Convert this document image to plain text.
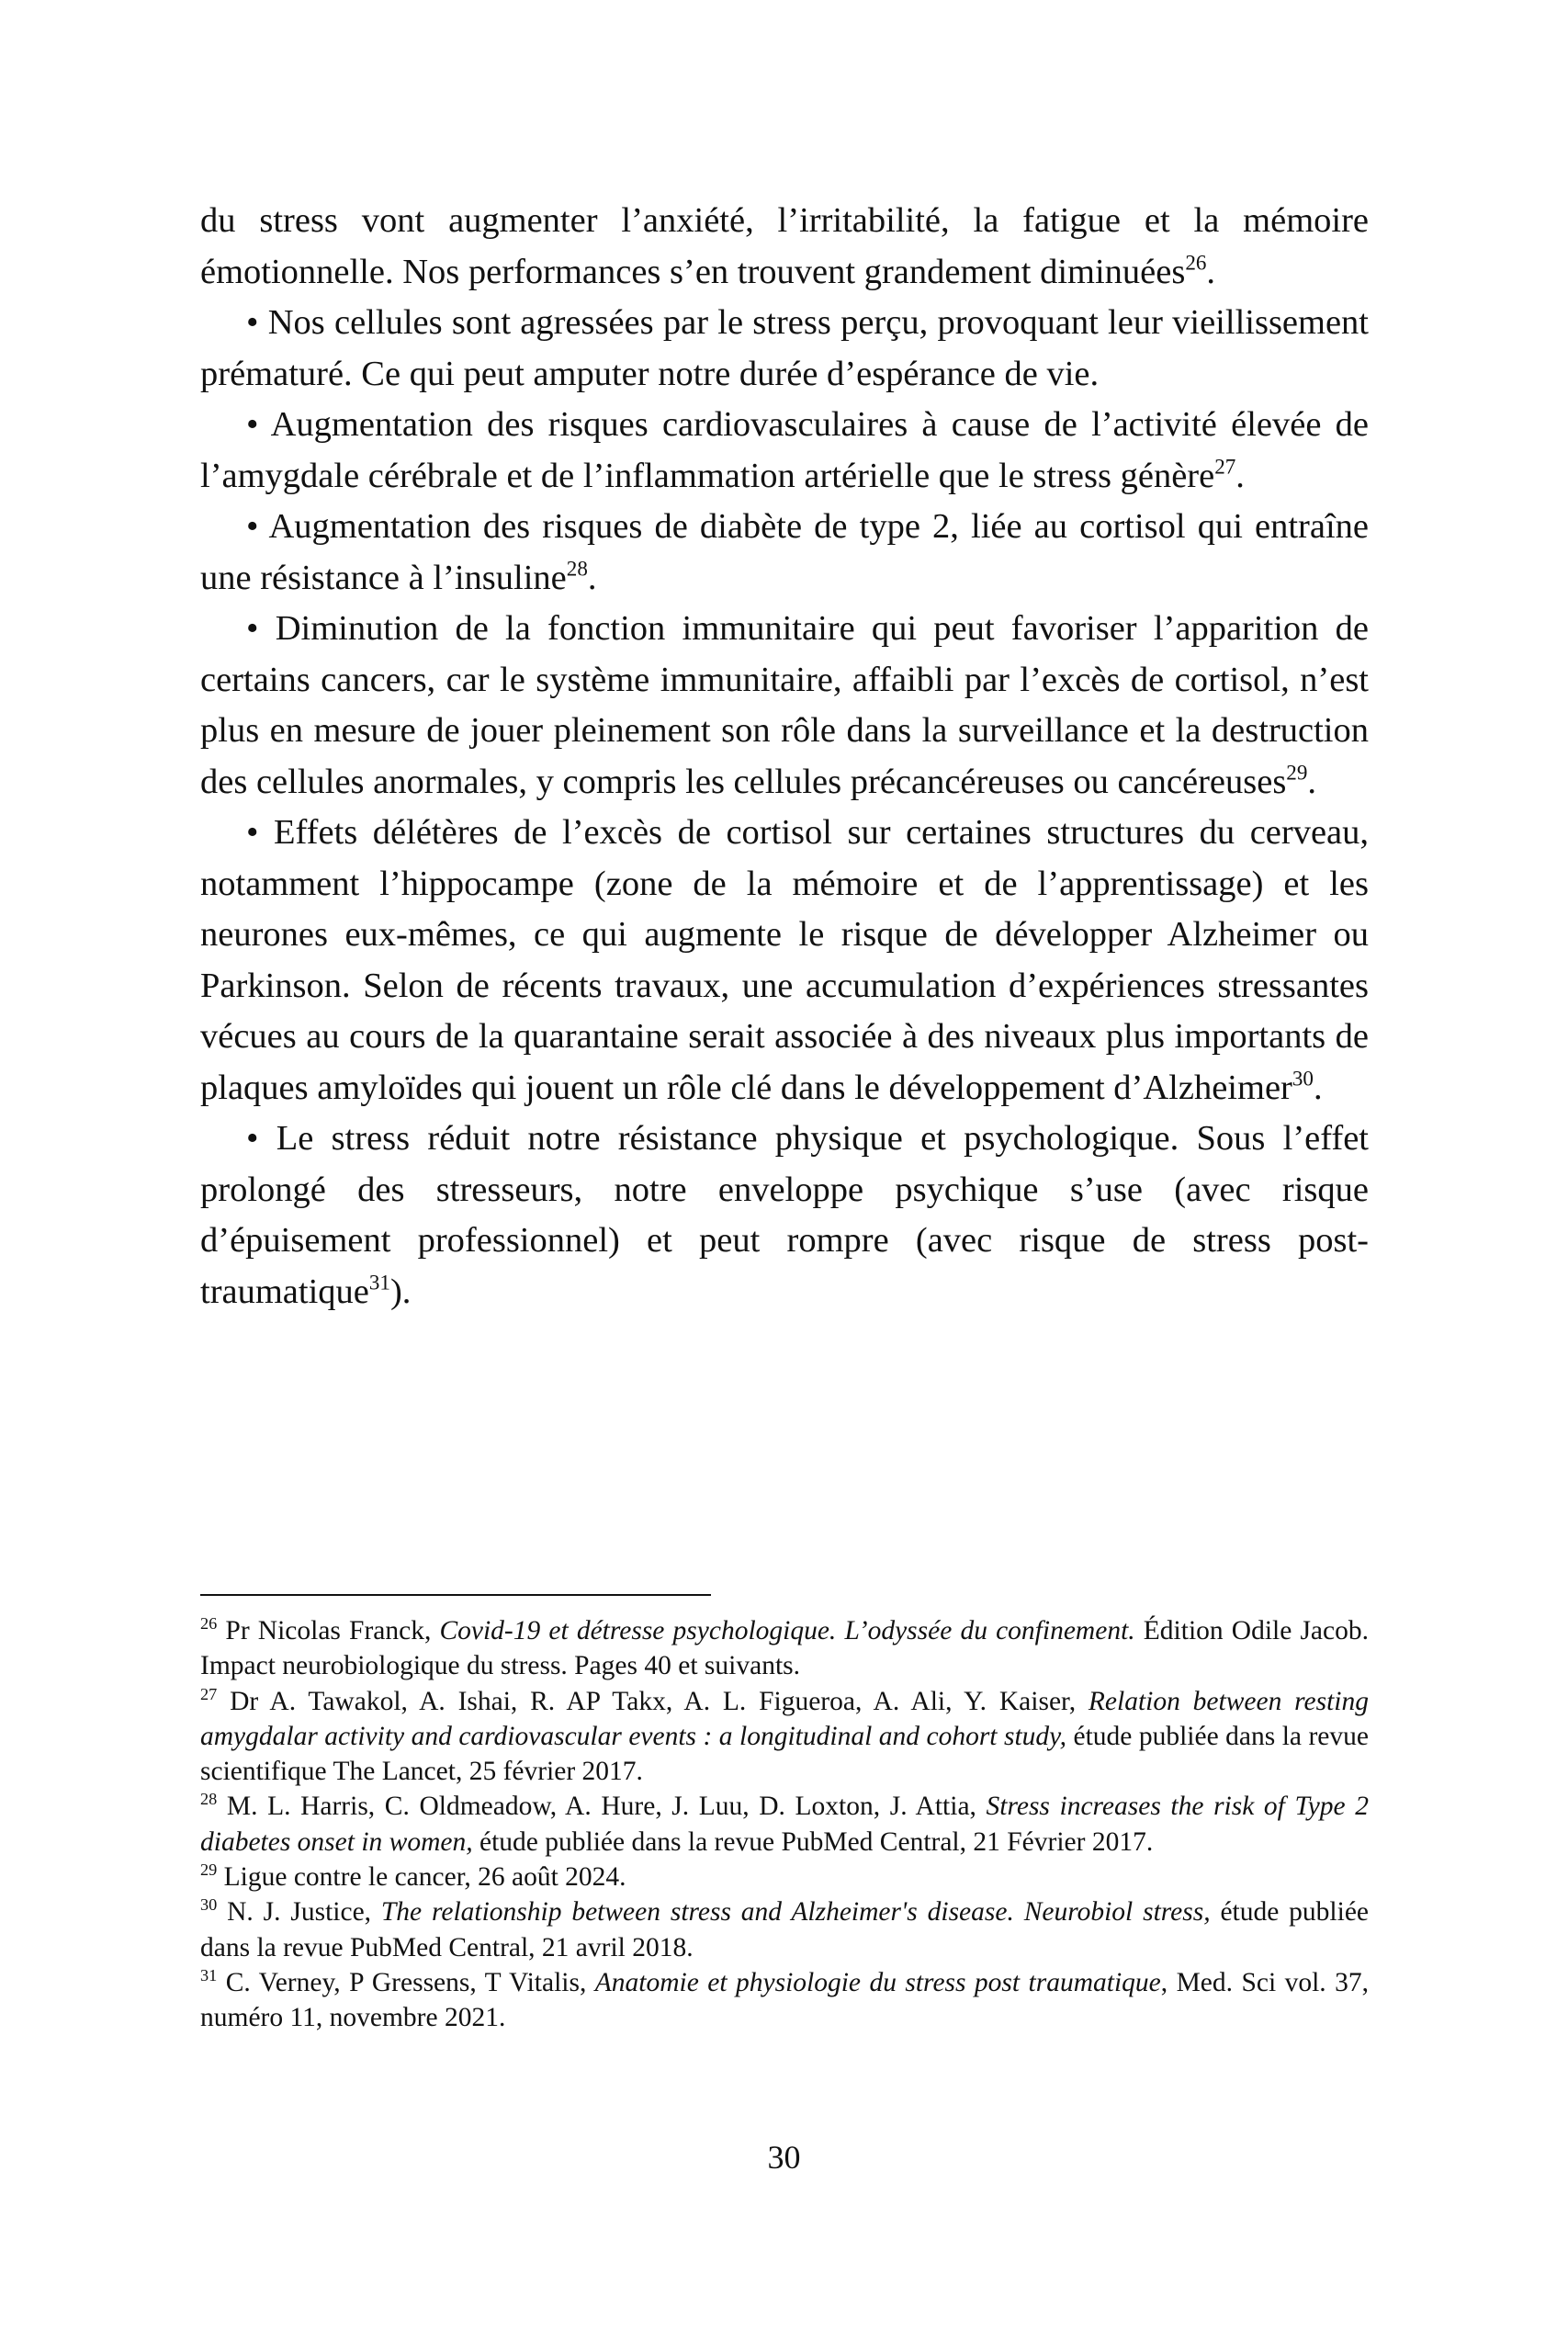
du stress vont augmenter l’anxiété, l’irritabilité, la fatigue et la mémoire émotionnelle. Nos performances s’en trouvent grandement diminuées$^{26}$.

• Nos cellules sont agressées par le stress perçu, provoquant leur vieillissement prématuré. Ce qui peut amputer notre durée d’espérance de vie.

• Augmentation des risques cardiovasculaires à cause de l’activité élevée de l’amygdale cérébrale et de l’inflammation artérielle que le stress génère$^{27}$.

• Augmentation des risques de diabète de type 2, liée au cortisol qui entraîne une résistance à l’insuline$^{28}$.

• Diminution de la fonction immunitaire qui peut favoriser l’apparition de certains cancers, car le système immunitaire, affaibli par l’excès de cortisol, n’est plus en mesure de jouer pleinement son rôle dans la surveillance et la destruction des cellules anormales, y compris les cellules précancéreuses ou cancéreuses$^{29}$.

• Effets délétères de l’excès de cortisol sur certaines structures du cerveau, notamment l’hippocampe (zone de la mémoire et de l’apprentissage) et les neurones eux-mêmes, ce qui augmente le risque de développer Alzheimer ou Parkinson. Selon de récents travaux, une accumulation d’expériences stressantes vécues au cours de la quarantaine serait associée à des niveaux plus importants de plaques amyloïdes qui jouent un rôle clé dans le développement d’Alzheimer$^{30}$.

• Le stress réduit notre résistance physique et psychologique. Sous l’effet prolongé des stresseurs, notre enveloppe psychique s’use (avec risque d’épuisement professionnel) et peut rompre (avec risque de stress post-traumatique$^{31}$).

$^{26}$ Pr Nicolas Franck, Covid-19 et détresse psychologique. L’odyssée du confinement. Édition Odile Jacob. Impact neurobiologique du stress. Pages 40 et suivants.

$^{27}$ Dr A. Tawakol, A. Ishai, R. AP Takx, A. L. Figueroa, A. Ali, Y. Kaiser, Relation between resting amygdalar activity and cardiovascular events : a longitudinal and cohort study, étude publiée dans la revue scientifique The Lancet, 25 février 2017.

$^{28}$ M. L. Harris, C. Oldmeadow, A. Hure, J. Luu, D. Loxton, J. Attia, Stress increases the risk of Type 2 diabetes onset in women, étude publiée dans la revue PubMed Central, 21 Février 2017.

$^{29}$ Ligue contre le cancer, 26 août 2024.

$^{30}$ N. J. Justice, The relationship between stress and Alzheimer's disease. Neurobiol stress, étude publiée dans la revue PubMed Central, 21 avril 2018.

$^{31}$ C. Verney, P Gressens, T Vitalis, Anatomie et physiologie du stress post traumatique, Med. Sci vol. 37, numéro 11, novembre 2021.

30
